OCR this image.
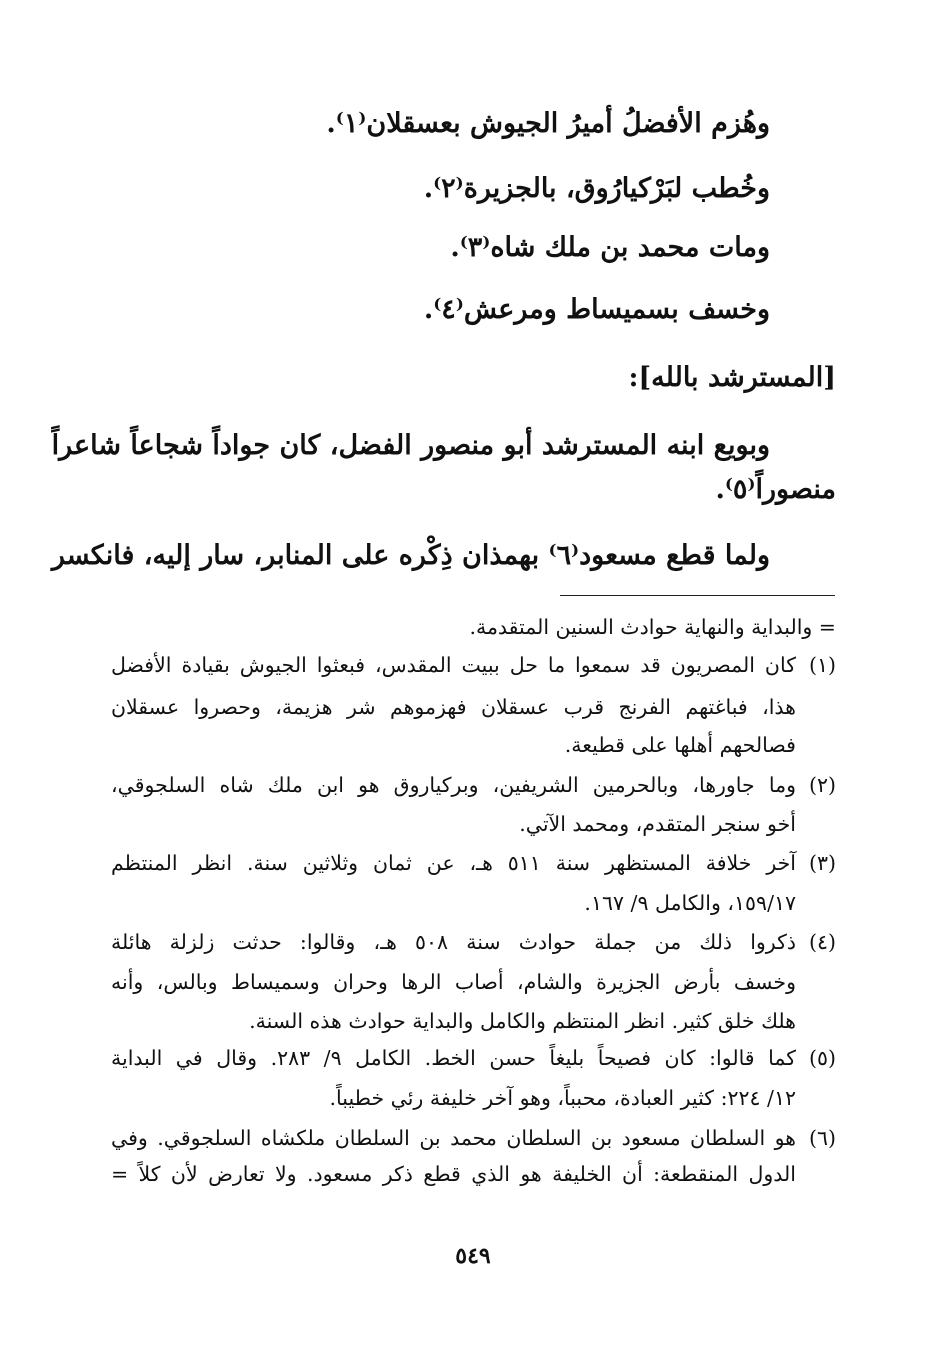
وهُزم الأفضلُ أميرُ الجيوش بعسقلان⁽١⁾.
وخُطب لبَرْكيارُوق، بالجزيرة⁽٢⁾.
ومات محمد بن ملك شاه⁽٣⁾.
وخسف بسميساط ومرعش⁽٤⁾.
[المسترشد بالله]:
وبويع ابنه المسترشد أبو منصور الفضل، كان جواداً شجاعاً شاعراً
منصوراً⁽٥⁾.
ولما قطع مسعود⁽٦⁾ بهمذان ذِكْره على المنابر، سار إليه، فانكسر
= والبداية والنهاية حوادث السنين المتقدمة.
(١)
كان المصريون قد سمعوا ما حل ببيت المقدس، فبعثوا الجيوش بقيادة الأفضل
هذا، فباغتهم الفرنج قرب عسقلان فهزموهم شر هزيمة، وحصروا عسقلان
فصالحهم أهلها على قطيعة.
(٢)
وما جاورها، وبالحرمين الشريفين، وبركياروق هو ابن ملك شاه السلجوقي،
أخو سنجر المتقدم، ومحمد الآتي.
(٣)
آخر خلافة المستظهر سنة ٥١١ هـ، عن ثمان وثلاثين سنة. انظر المنتظم
١٥٩/١٧، والكامل ٩/ ١٦٧.
(٤)
ذكروا ذلك من جملة حوادث سنة ٥٠٨ هـ، وقالوا: حدثت زلزلة هائلة
وخسف بأرض الجزيرة والشام، أصاب الرها وحران وسميساط وبالس، وأنه
هلك خلق كثير. انظر المنتظم والكامل والبداية حوادث هذه السنة.
(٥)
كما قالوا: كان فصيحاً بليغاً حسن الخط. الكامل ٩/ ٢٨٣. وقال في البداية
١٢/ ٢٢٤: كثير العبادة، محبباً، وهو آخر خليفة رئي خطيباً.
(٦)
هو السلطان مسعود بن السلطان محمد بن السلطان ملكشاه السلجوقي. وفي
الدول المنقطعة: أن الخليفة هو الذي قطع ذكر مسعود. ولا تعارض لأن كلاً =
٥٤٩
